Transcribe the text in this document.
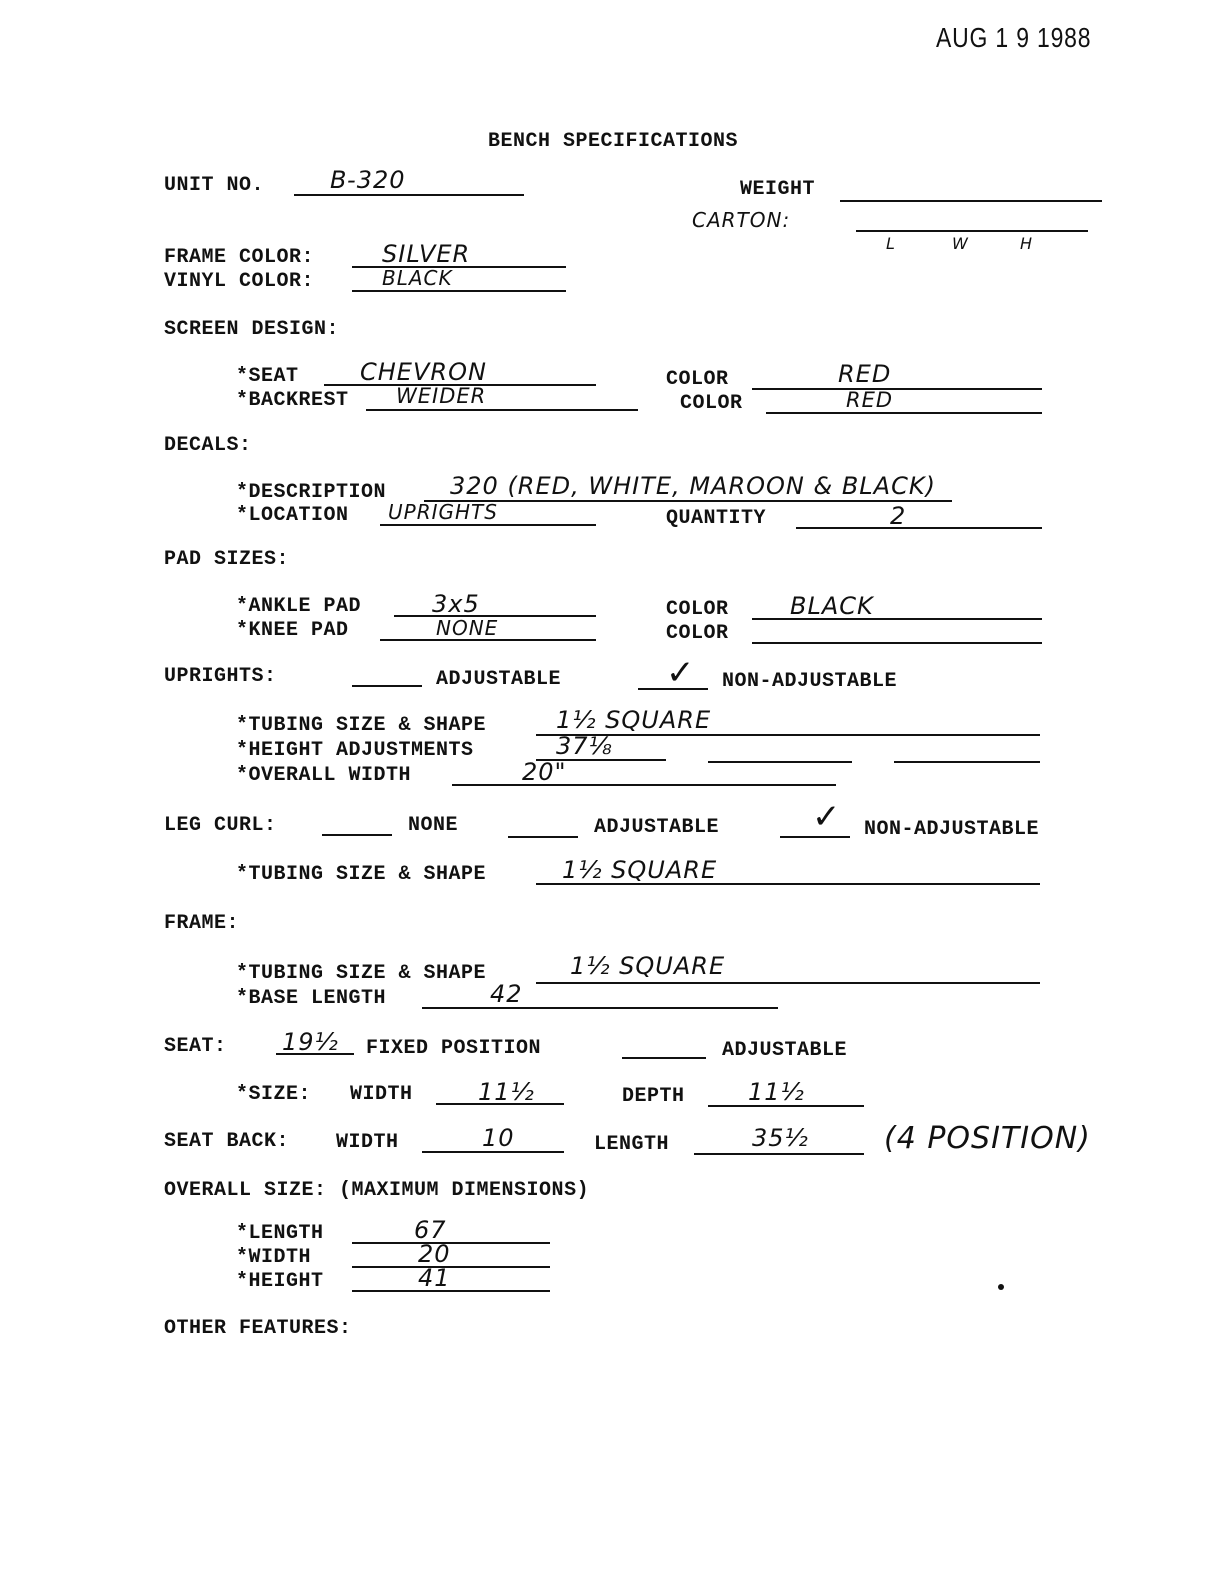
AUG 1 9 1988
BENCH SPECIFICATIONS
UNIT NO.	B-320	WEIGHT
CARTON:
L	W	H
FRAME COLOR:	SILVER
VINYL COLOR:	BLACK
SCREEN DESIGN:
*SEAT	CHEVRON	COLOR	RED
*BACKREST WEIDER	COLOR	RED
DECALS:
*DESCRIPTION	320 (RED, WHITE, MAROON & BLACK)
*LOCATION UPRIGHTS	QUANTITY	2
PAD SIZES:
*ANKLE PAD	3x5	COLOR	BLACK
*KNEE PAD	NONE	COLOR
UPRIGHTS:	ADJUSTABLE	✓ NON-ADJUSTABLE
*TUBING SIZE & SHAPE	1½ SQUARE
*HEIGHT ADJUSTMENTS	37⅛
*OVERALL WIDTH	20"
LEG CURL:	NONE	ADJUSTABLE	✓ NON-ADJUSTABLE
*TUBING SIZE & SHAPE	1½ SQUARE
FRAME:
*TUBING SIZE & SHAPE	1½ SQUARE
*BASE LENGTH	42
SEAT: 19½ FIXED POSITION	ADJUSTABLE
*SIZE: WIDTH	11½	DEPTH	11½
SEAT BACK: WIDTH	10	LENGTH	35½	(4 POSITION)
OVERALL SIZE: (MAXIMUM DIMENSIONS)
*LENGTH	67
*WIDTH	20
*HEIGHT	41
OTHER FEATURES:
